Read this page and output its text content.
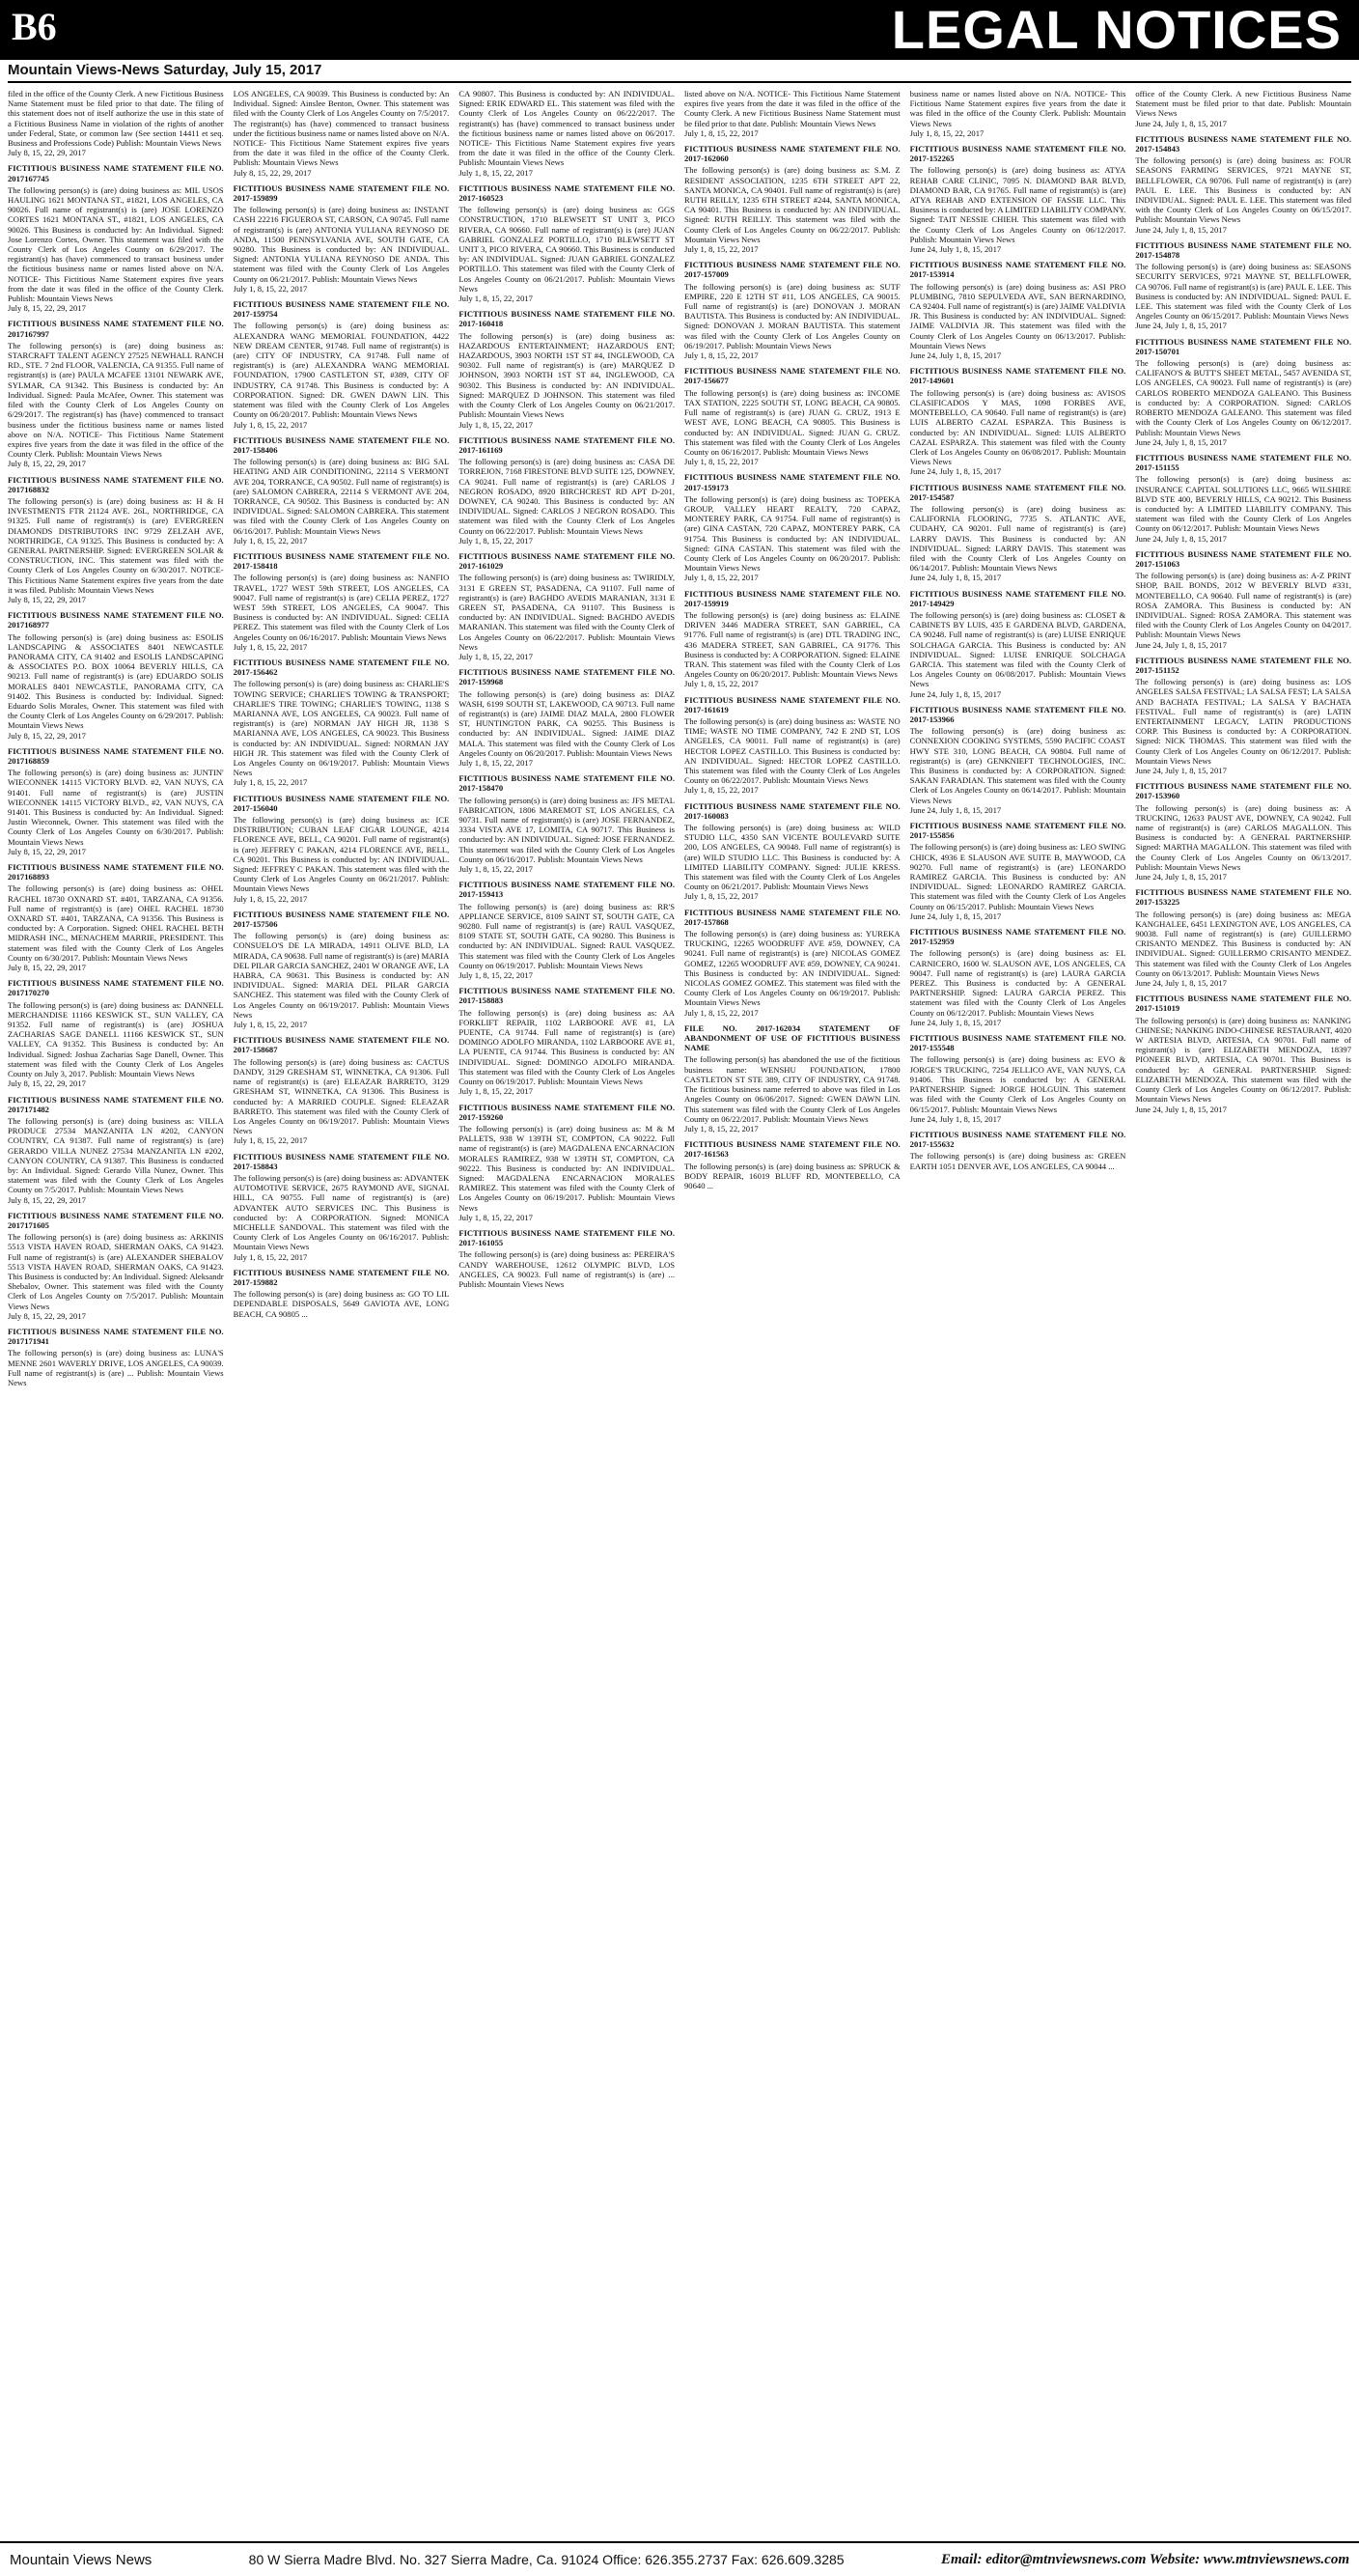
B6	LEGAL NOTICES
Mountain Views-News Saturday, July 15, 2017

filed in the office of the County Clerk. A new Fictitious Business Name Statement must be filed prior to that date. The filing of this statement does not of itself authorize the use in this state of a Fictitious Business Name in violation of the rights of another under Federal, State, or common law (See section 14411 et seq. Business and Professions Code) Publish: Mountain Views News

July 8, 15, 22, 29, 2017

FICTITIOUS BUSINESS NAME STATEMENT FILE NO. 2017167745

The following person(s) is (are) doing business as: MIL USOS HAULING 1621 MONTANA ST., #1821, LOS ANGELES, CA 90026. Full name of registrant(s) is (are) JOSE LORENZO CORTES 1621 MONTANA ST., #1821, LOS ANGELES, CA 90026. This Business is conducted by: An Individual. Signed: Jose Lorenzo Cortes, Owner. This statement was filed with the County Clerk of Los Angeles County on 6/29/2017. The registrant(s) has (have) commenced to transact business under the fictitious business name or names listed above on N/A. NOTICE- This Fictitious Name Statement expires five years from the date it was filed in the office of the County Clerk. Publish: Mountain Views News

July 8, 15, 22, 29, 2017

FICTITIOUS BUSINESS NAME STATEMENT FILE NO. 2017167997

The following person(s) is (are) doing business as: STARCRAFT TALENT AGENCY 27525 NEWHALL RANCH RD., STE. 7 2nd FLOOR, VALENCIA, CA 91355. Full name of registrant(s) is (are) PAULA MCAFEE 13101 NEWARK AVE, SYLMAR, CA 91342. This Business is conducted by: An Individual. Signed: Paula McAfee, Owner. This statement was filed with the County Clerk of Los Angeles County on 6/29/2017. The registrant(s) has (have) commenced to transact business under the fictitious business name or names listed above on N/A. NOTICE- This Fictitious Name Statement expires five years from the date it was filed in the office of the County Clerk. Publish: Mountain Views News

July 8, 15, 22, 29, 2017

FICTITIOUS BUSINESS NAME STATEMENT FILE NO. 2017168832

The following person(s) is (are) doing business as: H & H INVESTMENTS FTR 21124 AVE. 26L, NORTHRIDGE, CA 91325. Full name of registrant(s) is (are) EVERGREEN DIAMONDS DISTRIBUTORS INC 9729 ZELZAH AVE, NORTHRIDGE, CA 91325. This Business is conducted by: A GENERAL PARTNERSHIP. Signed: EVERGREEN SOLAR & CONSTRUCTION, INC. This statement was filed with the County Clerk of Los Angeles County on 6/30/2017. NOTICE- This Fictitious Name Statement expires five years from the date it was filed. Publish: Mountain Views News

July 8, 15, 22, 29, 2017

FICTITIOUS BUSINESS NAME STATEMENT FILE NO. 2017168977

The following person(s) is (are) doing business as: ESOLIS LANDSCAPING & ASSOCIATES 8401 NEWCASTLE PANORAMA CITY, CA 91402 and ESOLIS LANDSCAPING & ASSOCIATES P.O. BOX 10064 BEVERLY HILLS, CA 90213. Full name of registrant(s) is (are) EDUARDO SOLIS MORALES 8401 NEWCASTLE, PANORAMA CITY, CA 91402. This Business is conducted by: Individual. Signed: Eduardo Solis Morales, Owner. This statement was filed with the County Clerk of Los Angeles County on 6/29/2017. Publish: Mountain Views News

July 8, 15, 22, 29, 2017

FICTITIOUS BUSINESS NAME STATEMENT FILE NO. 2017168859

The following person(s) is (are) doing business as: JUNTIN' WIECONNEK 14115 VICTORY BLVD. #2, VAN NUYS, CA 91401. Full name of registrant(s) is (are) JUSTIN WIECONNEK 14115 VICTORY BLVD., #2, VAN NUYS, CA 91401. This Business is conducted by: An Individual. Signed: Justin Wieconnek, Owner. This statement was filed with the County Clerk of Los Angeles County on 6/30/2017. Publish: Mountain Views News

July 8, 15, 22, 29, 2017

FICTITIOUS BUSINESS NAME STATEMENT FILE NO. 2017168893

The following person(s) is (are) doing business as: OHEL RACHEL 18730 OXNARD ST. #401, TARZANA, CA 91356. Full name of registrant(s) is (are) OHEL RACHEL 18730 OXNARD ST. #401, TARZANA, CA 91356. This Business is conducted by: A Corporation. Signed: OHEL RACHEL BETH MIDRASH INC., MENACHEM MARRIE, PRESIDENT. This statement was filed with the County Clerk of Los Angeles County on 6/30/2017. Publish: Mountain Views News

July 8, 15, 22, 29, 2017

FICTITIOUS BUSINESS NAME STATEMENT FILE NO. 2017170270

The following person(s) is (are) doing business as: DANNELL MERCHANDISE 11166 KESWICK ST., SUN VALLEY, CA 91352. Full name of registrant(s) is (are) JOSHUA ZACHARIAS SAGE DANELL 11166 KESWICK ST., SUN VALLEY, CA 91352. This Business is conducted by: An Individual. Signed: Joshua Zacharias Sage Danell, Owner. This statement was filed with the County Clerk of Los Angeles County on July 3, 2017. Publish: Mountain Views News

July 8, 15, 22, 29, 2017

FICTITIOUS BUSINESS NAME STATEMENT FILE NO. 2017171482

The following person(s) is (are) doing business as: VILLA PRODUCE 27534 MANZANITA LN #202, CANYON COUNTRY, CA 91387. Full name of registrant(s) is (are) GERARDO VILLA NUNEZ 27534 MANZANITA LN #202, CANYON COUNTRY, CA 91387. This Business is conducted by: An Individual. Signed: Gerardo Villa Nunez, Owner. This statement was filed with the County Clerk of Los Angeles County on 7/5/2017. Publish: Mountain Views News

July 8, 15, 22, 29, 2017

FICTITIOUS BUSINESS NAME STATEMENT FILE NO. 2017171605

The following person(s) is (are) doing business as: ARKINIS 5513 VISTA HAVEN ROAD, SHERMAN OAKS, CA 91423. Full name of registrant(s) is (are) ALEXANDER SHEBALOV 5513 VISTA HAVEN ROAD, SHERMAN OAKS, CA 91423. This Business is conducted by: An Individual. Signed: Aleksandr Shebalov, Owner. This statement was filed with the County Clerk of Los Angeles County on 7/5/2017. Publish: Mountain Views News

July 8, 15, 22, 29, 2017

FICTITIOUS BUSINESS NAME STATEMENT FILE NO. 2017171941

The following person(s) is (are) doing business as: LUNA'S MENNE 2601 WAVERLY DRIVE, LOS ANGELES, CA 90039. Full name of registrant(s) is (are) ... Publish: Mountain Views News

LOS ANGELES, CA 90039. This Business is conducted by: An Individual. Signed: Ainslee Benton, Owner. This statement was filed with the County Clerk of Los Angeles County on 7/5/2017. The registrant(s) has (have) commenced to transact business under the fictitious business name or names listed above on N/A. NOTICE- This Fictitious Name Statement expires five years from the date it was filed in the office of the County Clerk. Publish: Mountain Views News

July 8, 15, 22, 29, 2017

FICTITIOUS BUSINESS NAME STATEMENT FILE NO. 2017-159899

The following person(s) is (are) doing business as: INSTANT CASH 22216 FIGUEROA ST, CARSON, CA 90745. Full name of registrant(s) is (are) ANTONIA YULIANA REYNOSO DE ANDA, 11500 PENNSYLVANIA AVE, SOUTH GATE, CA 90280. This Business is conducted by: AN INDIVIDUAL. Signed: ANTONIA YULIANA REYNOSO DE ANDA. This statement was filed with the County Clerk of Los Angeles County on 06/21/2017. Publish: Mountain Views News

July 1, 8, 15, 22, 2017

FICTITIOUS BUSINESS NAME STATEMENT FILE NO. 2017-159754

The following person(s) is (are) doing business as: ALEXANDRA WANG MEMORIAL FOUNDATION, 4422 NEW DREAM CENTER, 91748. Full name of registrant(s) is (are) CITY OF INDUSTRY, CA 91748. Full name of registrant(s) is (are) ALEXANDRA WANG MEMORIAL FOUNDATION, 17900 CASTLETON ST, #389, CITY OF INDUSTRY, CA 91748. This Business is conducted by: A CORPORATION. Signed: DR. GWEN DAWN LIN. This statement was filed with the County Clerk of Los Angeles County on 06/20/2017. Publish: Mountain Views News

July 1, 8, 15, 22, 2017

FICTITIOUS BUSINESS NAME STATEMENT FILE NO. 2017-158406

The following person(s) is (are) doing business as: BIG SAL HEATING AND AIR CONDITIONING, 22114 S VERMONT AVE 204, TORRANCE, CA 90502. Full name of registrant(s) is (are) SALOMON CABRERA, 22114 S VERMONT AVE 204, TORRANCE, CA 90502. This Business is conducted by: AN INDIVIDUAL. Signed: SALOMON CABRERA. This statement was filed with the County Clerk of Los Angeles County on 06/16/2017. Publish: Mountain Views News

July 1, 8, 15, 22, 2017

FICTITIOUS BUSINESS NAME STATEMENT FILE NO. 2017-158418

The following person(s) is (are) doing business as: NANFIO TRAVEL, 1727 WEST 59th STREET, LOS ANGELES, CA 90047. Full name of registrant(s) is (are) CELIA PEREZ, 1727 WEST 59th STREET, LOS ANGELES, CA 90047. This Business is conducted by: AN INDIVIDUAL. Signed: CELIA PEREZ. This statement was filed with the County Clerk of Los Angeles County on 06/16/2017. Publish: Mountain Views News

July 1, 8, 15, 22, 2017

FICTITIOUS BUSINESS NAME STATEMENT FILE NO. 2017-156462

The following person(s) is (are) doing business as: CHARLIE'S TOWING SERVICE; CHARLIE'S TOWING & TRANSPORT; CHARLIE'S TIRE TOWING; CHARLIE'S TOWING, 1138 S MARIANNA AVE, LOS ANGELES, CA 90023. Full name of registrant(s) is (are) NORMAN JAY HIGH JR, 1138 S MARIANNA AVE, LOS ANGELES, CA 90023. This Business is conducted by: AN INDIVIDUAL. Signed: NORMAN JAY HIGH JR. This statement was filed with the County Clerk of Los Angeles County on 06/19/2017. Publish: Mountain Views News

July 1, 8, 15, 22, 2017

FICTITIOUS BUSINESS NAME STATEMENT FILE NO. 2017-156040

The following person(s) is (are) doing business as: ICE DISTRIBUTION; CUBAN LEAF CIGAR LOUNGE, 4214 FLORENCE AVE, BELL, CA 90201. Full name of registrant(s) is (are) JEFFREY C PAKAN, 4214 FLORENCE AVE, BELL, CA 90201. This Business is conducted by: AN INDIVIDUAL. Signed: JEFFREY C PAKAN. This statement was filed with the County Clerk of Los Angeles County on 06/21/2017. Publish: Mountain Views News

July 1, 8, 15, 22, 2017

FICTITIOUS BUSINESS NAME STATEMENT FILE NO. 2017-157506

The following person(s) is (are) doing business as: CONSUELO'S DE LA MIRADA, 14911 OLIVE BLD, LA MIRADA, CA 90638. Full name of registrant(s) is (are) MARIA DEL PILAR GARCIA SANCHEZ, 2401 W ORANGE AVE, LA HABRA, CA 90631. This Business is conducted by: AN INDIVIDUAL. Signed: MARIA DEL PILAR GARCIA SANCHEZ. This statement was filed with the County Clerk of Los Angeles County on 06/19/2017. Publish: Mountain Views News

July 1, 8, 15, 22, 2017

FICTITIOUS BUSINESS NAME STATEMENT FILE NO. 2017-158687

The following person(s) is (are) doing business as: CACTUS DANDY, 3129 GRESHAM ST, WINNETKA, CA 91306. Full name of registrant(s) is (are) ELEAZAR BARRETO, 3129 GRESHAM ST, WINNETKA, CA 91306. This Business is conducted by: A MARRIED COUPLE. Signed: ELEAZAR BARRETO. This statement was filed with the County Clerk of Los Angeles County on 06/19/2017. Publish: Mountain Views News

July 1, 8, 15, 22, 2017

FICTITIOUS BUSINESS NAME STATEMENT FILE NO. 2017-158843

The following person(s) is (are) doing business as: ADVANTEK AUTOMOTIVE SERVICE, 2675 RAYMOND AVE, SIGNAL HILL, CA 90755. Full name of registrant(s) is (are) ADVANTEK AUTO SERVICES INC. This Business is conducted by: A CORPORATION. Signed: MONICA MICHELLE SANDOVAL. This statement was filed with the County Clerk of Los Angeles County on 06/16/2017. Publish: Mountain Views News

July 1, 8, 15, 22, 2017

FICTITIOUS BUSINESS NAME STATEMENT FILE NO. 2017-159882

The following person(s) is (are) doing business as: GO TO LIL DEPENDABLE DISPOSALS, 5649 GAVIOTA AVE, LONG BEACH, CA 90805 ...

CA 90807. This Business is conducted by: AN INDIVIDUAL. Signed: ERIK EDWARD EL. This statement was filed with the County Clerk of Los Angeles County on 06/22/2017. The registrant(s) has (have) commenced to transact business under the fictitious business name or names listed above on 06/2017. NOTICE- This Fictitious Name Statement expires five years from the date it was filed in the office of the County Clerk. Publish: Mountain Views News

July 1, 8, 15, 22, 2017

FICTITIOUS BUSINESS NAME STATEMENT FILE NO. 2017-160523

The following person(s) is (are) doing business as: GGS CONSTRUCTION, 1710 BLEWSETT ST UNIT 3, PICO RIVERA, CA 90660. Full name of registrant(s) is (are) JUAN GABRIEL GONZALEZ PORTILLO, 1710 BLEWSETT ST UNIT 3, PICO RIVERA, CA 90660. This Business is conducted by: AN INDIVIDUAL. Signed: JUAN GABRIEL GONZALEZ PORTILLO. This statement was filed with the County Clerk of Los Angeles County on 06/21/2017. Publish: Mountain Views News

July 1, 8, 15, 22, 2017

FICTITIOUS BUSINESS NAME STATEMENT FILE NO. 2017-160418

The following person(s) is (are) doing business as: HAZARDOUS ENTERTAINMENT; HAZARDOUS ENT; HAZARDOUS, 3903 NORTH 1ST ST #4, INGLEWOOD, CA 90302. Full name of registrant(s) is (are) MARQUEZ D JOHNSON, 3903 NORTH 1ST ST #4, INGLEWOOD, CA 90302. This Business is conducted by: AN INDIVIDUAL. Signed: MARQUEZ D JOHNSON. This statement was filed with the County Clerk of Los Angeles County on 06/21/2017. Publish: Mountain Views News

July 1, 8, 15, 22, 2017

FICTITIOUS BUSINESS NAME STATEMENT FILE NO. 2017-161169

The following person(s) is (are) doing business as: CASA DE TORREJON, 7168 FIRESTONE BLVD SUITE 125, DOWNEY, CA 90241. Full name of registrant(s) is (are) CARLOS J NEGRON ROSADO, 8920 BIRCHCREST RD APT D-201, DOWNEY, CA 90240. This Business is conducted by: AN INDIVIDUAL. Signed: CARLOS J NEGRON ROSADO. This statement was filed with the County Clerk of Los Angeles County on 06/22/2017. Publish: Mountain Views News

July 1, 8, 15, 22, 2017

FICTITIOUS BUSINESS NAME STATEMENT FILE NO. 2017-161029

The following person(s) is (are) doing business as: TWIRIDLY, 3131 E GREEN ST, PASADENA, CA 91107. Full name of registrant(s) is (are) BAGHDO AVEDIS MARANIAN, 3131 E GREEN ST, PASADENA, CA 91107. This Business is conducted by: AN INDIVIDUAL. Signed: BAGHDO AVEDIS MARANIAN. This statement was filed with the County Clerk of Los Angeles County on 06/22/2017. Publish: Mountain Views News

July 1, 8, 15, 22, 2017

FICTITIOUS BUSINESS NAME STATEMENT FILE NO. 2017-159968

The following person(s) is (are) doing business as: DIAZ WASH, 6199 SOUTH ST, LAKEWOOD, CA 90713. Full name of registrant(s) is (are) JAIME DIAZ MALA, 2800 FLOWER ST, HUNTINGTON PARK, CA 90255. This Business is conducted by: AN INDIVIDUAL. Signed: JAIME DIAZ MALA. This statement was filed with the County Clerk of Los Angeles County on 06/20/2017. Publish: Mountain Views News

July 1, 8, 15, 22, 2017

FICTITIOUS BUSINESS NAME STATEMENT FILE NO. 2017-158470

The following person(s) is (are) doing business as: JFS METAL FABRICATION, 1806 MAREMOT ST, LOS ANGELES, CA 90731. Full name of registrant(s) is (are) JOSE FERNANDEZ, 3334 VISTA AVE 17, LOMITA, CA 90717. This Business is conducted by: AN INDIVIDUAL. Signed: JOSE FERNANDEZ. This statement was filed with the County Clerk of Los Angeles County on 06/16/2017. Publish: Mountain Views News

July 1, 8, 15, 22, 2017

FICTITIOUS BUSINESS NAME STATEMENT FILE NO. 2017-159413

The following person(s) is (are) doing business as: RR'S APPLIANCE SERVICE, 8109 SAINT ST, SOUTH GATE, CA 90280. Full name of registrant(s) is (are) RAUL VASQUEZ, 8109 STATE ST, SOUTH GATE, CA 90280. This Business is conducted by: AN INDIVIDUAL. Signed: RAUL VASQUEZ. This statement was filed with the County Clerk of Los Angeles County on 06/19/2017. Publish: Mountain Views News

July 1, 8, 15, 22, 2017

FICTITIOUS BUSINESS NAME STATEMENT FILE NO. 2017-158883

The following person(s) is (are) doing business as: AA FORKLIFT REPAIR, 1102 LARBOORE AVE #1, LA PUENTE, CA 91744. Full name of registrant(s) is (are) DOMINGO ADOLFO MIRANDA, 1102 LARBOORE AVE #1, LA PUENTE, CA 91744. This Business is conducted by: AN INDIVIDUAL. Signed: DOMINGO ADOLFO MIRANDA. This statement was filed with the County Clerk of Los Angeles County on 06/19/2017. Publish: Mountain Views News

July 1, 8, 15, 22, 2017

FICTITIOUS BUSINESS NAME STATEMENT FILE NO. 2017-159260

The following person(s) is (are) doing business as: M & M PALLETS, 938 W 139TH ST, COMPTON, CA 90222. Full name of registrant(s) is (are) MAGDALENA ENCARNACION MORALES RAMIREZ, 938 W 139TH ST, COMPTON, CA 90222. This Business is conducted by: AN INDIVIDUAL. Signed: MAGDALENA ENCARNACION MORALES RAMIREZ. This statement was filed with the County Clerk of Los Angeles County on 06/19/2017. Publish: Mountain Views News

July 1, 8, 15, 22, 2017

FICTITIOUS BUSINESS NAME STATEMENT FILE NO. 2017-161055

The following person(s) is (are) doing business as: PEREIRA'S CANDY WAREHOUSE, 12612 OLYMPIC BLVD, LOS ANGELES, CA 90023. Full name of registrant(s) is (are) ... Publish: Mountain Views News

listed above on N/A. NOTICE- This Fictitious Name Statement expires five years from the date it was filed in the office of the County Clerk. A new Fictitious Business Name Statement must be filed prior to that date. Publish: Mountain Views News

July 1, 8, 15, 22, 2017

FICTITIOUS BUSINESS NAME STATEMENT FILE NO. 2017-162060

The following person(s) is (are) doing business as: S.M. Z RESIDENT ASSOCIATION, 1235 6TH STREET APT 22, SANTA MONICA, CA 90401. Full name of registrant(s) is (are) RUTH REILLY, 1235 6TH STREET #244, SANTA MONICA, CA 90401. This Business is conducted by: AN INDIVIDUAL. Signed: RUTH REILLY. This statement was filed with the County Clerk of Los Angeles County on 06/22/2017. Publish: Mountain Views News

July 1, 8, 15, 22, 2017

FICTITIOUS BUSINESS NAME STATEMENT FILE NO. 2017-157009

The following person(s) is (are) doing business as: SUTF EMPIRE, 220 E 12TH ST #11, LOS ANGELES, CA 90015. Full name of registrant(s) is (are) DONOVAN J. MORAN BAUTISTA. This Business is conducted by: AN INDIVIDUAL. Signed: DONOVAN J. MORAN BAUTISTA. This statement was filed with the County Clerk of Los Angeles County on 06/19/2017. Publish: Mountain Views News

July 1, 8, 15, 22, 2017

FICTITIOUS BUSINESS NAME STATEMENT FILE NO. 2017-156677

The following person(s) is (are) doing business as: INCOME TAX STATION, 2225 SOUTH ST, LONG BEACH, CA 90805. Full name of registrant(s) is (are) JUAN G. CRUZ, 1913 E WEST AVE, LONG BEACH, CA 90805. This Business is conducted by: AN INDIVIDUAL. Signed: JUAN G. CRUZ. This statement was filed with the County Clerk of Los Angeles County on 06/16/2017. Publish: Mountain Views News

July 1, 8, 15, 22, 2017

FICTITIOUS BUSINESS NAME STATEMENT FILE NO. 2017-159173

The following person(s) is (are) doing business as: TOPEKA GROUP, VALLEY HEART REALTY, 720 CAPAZ, MONTEREY PARK, CA 91754. Full name of registrant(s) is (are) GINA CASTAN, 720 CAPAZ, MONTEREY PARK, CA 91754. This Business is conducted by: AN INDIVIDUAL. Signed: GINA CASTAN. This statement was filed with the County Clerk of Los Angeles County on 06/20/2017. Publish: Mountain Views News

July 1, 8, 15, 22, 2017

FICTITIOUS BUSINESS NAME STATEMENT FILE NO. 2017-159919

The following person(s) is (are) doing business as: ELAINE DRIVEN 3446 MADERA STREET, SAN GABRIEL, CA 91776. Full name of registrant(s) is (are) DTL TRADING INC, 436 MADERA STREET, SAN GABRIEL, CA 91776. This Business is conducted by: A CORPORATION. Signed: ELAINE TRAN. This statement was filed with the County Clerk of Los Angeles County on 06/20/2017. Publish: Mountain Views News

July 1, 8, 15, 22, 2017

FICTITIOUS BUSINESS NAME STATEMENT FILE NO. 2017-161619

The following person(s) is (are) doing business as: WASTE NO TIME; WASTE NO TIME COMPANY, 742 E 2ND ST, LOS ANGELES, CA 90011. Full name of registrant(s) is (are) HECTOR LOPEZ CASTILLO. This Business is conducted by: AN INDIVIDUAL. Signed: HECTOR LOPEZ CASTILLO. This statement was filed with the County Clerk of Los Angeles County on 06/22/2017. Publish: Mountain Views News

July 1, 8, 15, 22, 2017

FICTITIOUS BUSINESS NAME STATEMENT FILE NO. 2017-160083

The following person(s) is (are) doing business as: WILD STUDIO LLC, 4350 SAN VICENTE BOULEVARD SUITE 200, LOS ANGELES, CA 90048. Full name of registrant(s) is (are) WILD STUDIO LLC. This Business is conducted by: A LIMITED LIABILITY COMPANY. Signed: JULIE KRESS. This statement was filed with the County Clerk of Los Angeles County on 06/21/2017. Publish: Mountain Views News

July 1, 8, 15, 22, 2017

FICTITIOUS BUSINESS NAME STATEMENT FILE NO. 2017-157868

The following person(s) is (are) doing business as: YUREKA TRUCKING, 12265 WOODRUFF AVE #59, DOWNEY, CA 90241. Full name of registrant(s) is (are) NICOLAS GOMEZ GOMEZ, 12265 WOODRUFF AVE #59, DOWNEY, CA 90241. This Business is conducted by: AN INDIVIDUAL. Signed: NICOLAS GOMEZ GOMEZ. This statement was filed with the County Clerk of Los Angeles County on 06/19/2017. Publish: Mountain Views News

July 1, 8, 15, 22, 2017

FILE NO. 2017-162034 STATEMENT OF ABANDONMENT OF USE OF FICTITIOUS BUSINESS NAME

The following person(s) has abandoned the use of the fictitious business name: WENSHU FOUNDATION, 17800 CASTLETON ST STE 389, CITY OF INDUSTRY, CA 91748. The fictitious business name referred to above was filed in Los Angeles County on 06/06/2017. Signed: GWEN DAWN LIN. This statement was filed with the County Clerk of Los Angeles County on 06/22/2017. Publish: Mountain Views News

July 1, 8, 15, 22, 2017

FICTITIOUS BUSINESS NAME STATEMENT FILE NO. 2017-161563

The following person(s) is (are) doing business as: SPRUCK & BODY REPAIR, 16019 BLUFF RD, MONTEBELLO, CA 90640 ...

business name or names listed above on N/A. NOTICE- This Fictitious Name Statement expires five years from the date it was filed in the office of the County Clerk. Publish: Mountain Views News

July 1, 8, 15, 22, 2017

FICTITIOUS BUSINESS NAME STATEMENT FILE NO. 2017-152265

The following person(s) is (are) doing business as: ATYA REHAB CARE CLINIC, 7095 N. DIAMOND BAR BLVD, DIAMOND BAR, CA 91765. Full name of registrant(s) is (are) ATYA REHAB AND EXTENSION OF FASSIE LLC. This Business is conducted by: A LIMITED LIABILITY COMPANY. Signed: TAIT NESSIE CHIEH. This statement was filed with the County Clerk of Los Angeles County on 06/12/2017. Publish: Mountain Views News

June 24, July 1, 8, 15, 2017

FICTITIOUS BUSINESS NAME STATEMENT FILE NO. 2017-153914

The following person(s) is (are) doing business as: ASI PRO PLUMBING, 7810 SEPULVEDA AVE, SAN BERNARDINO, CA 92404. Full name of registrant(s) is (are) JAIME VALDIVIA JR. This Business is conducted by: AN INDIVIDUAL. Signed: JAIME VALDIVIA JR. This statement was filed with the County Clerk of Los Angeles County on 06/13/2017. Publish: Mountain Views News

June 24, July 1, 8, 15, 2017

FICTITIOUS BUSINESS NAME STATEMENT FILE NO. 2017-149601

The following person(s) is (are) doing business as: AVISOS CLASIFICADOS Y MAS, 1098 FORBES AVE, MONTEBELLO, CA 90640. Full name of registrant(s) is (are) LUIS ALBERTO CAZAL ESPARZA. This Business is conducted by: AN INDIVIDUAL. Signed: LUIS ALBERTO CAZAL ESPARZA. This statement was filed with the County Clerk of Los Angeles County on 06/08/2017. Publish: Mountain Views News

June 24, July 1, 8, 15, 2017

FICTITIOUS BUSINESS NAME STATEMENT FILE NO. 2017-154587

The following person(s) is (are) doing business as: CALIFORNIA FLOORING, 7735 S. ATLANTIC AVE, CUDAHY, CA 90201. Full name of registrant(s) is (are) LARRY DAVIS. This Business is conducted by: AN INDIVIDUAL. Signed: LARRY DAVIS. This statement was filed with the County Clerk of Los Angeles County on 06/14/2017. Publish: Mountain Views News

June 24, July 1, 8, 15, 2017

FICTITIOUS BUSINESS NAME STATEMENT FILE NO. 2017-149429

The following person(s) is (are) doing business as: CLOSET & CABINETS BY LUIS, 435 E GARDENA BLVD, GARDENA, CA 90248. Full name of registrant(s) is (are) LUISE ENRIQUE SOLCHAGA GARCIA. This Business is conducted by: AN INDIVIDUAL. Signed: LUISE ENRIQUE SOLCHAGA GARCIA. This statement was filed with the County Clerk of Los Angeles County on 06/08/2017. Publish: Mountain Views News

June 24, July 1, 8, 15, 2017

FICTITIOUS BUSINESS NAME STATEMENT FILE NO. 2017-153966

The following person(s) is (are) doing business as: CONNEXION COOKING SYSTEMS, 5590 PACIFIC COAST HWY STE 310, LONG BEACH, CA 90804. Full name of registrant(s) is (are) GENKNIEFT TECHNOLOGIES, INC. This Business is conducted by: A CORPORATION. Signed: SAKAN FARADIAN. This statement was filed with the County Clerk of Los Angeles County on 06/14/2017. Publish: Mountain Views News

June 24, July 1, 8, 15, 2017

FICTITIOUS BUSINESS NAME STATEMENT FILE NO. 2017-155856

The following person(s) is (are) doing business as: LEO SWING CHICK, 4936 E SLAUSON AVE SUITE B, MAYWOOD, CA 90270. Full name of registrant(s) is (are) LEONARDO RAMIREZ GARCIA. This Business is conducted by: AN INDIVIDUAL. Signed: LEONARDO RAMIREZ GARCIA. This statement was filed with the County Clerk of Los Angeles County on 06/15/2017. Publish: Mountain Views News

June 24, July 1, 8, 15, 2017

FICTITIOUS BUSINESS NAME STATEMENT FILE NO. 2017-152959

The following person(s) is (are) doing business as: EL CARNICERO, 1600 W. SLAUSON AVE, LOS ANGELES, CA 90047. Full name of registrant(s) is (are) LAURA GARCIA PEREZ. This Business is conducted by: A GENERAL PARTNERSHIP. Signed: LAURA GARCIA PEREZ. This statement was filed with the County Clerk of Los Angeles County on 06/12/2017. Publish: Mountain Views News

June 24, July 1, 8, 15, 2017

FICTITIOUS BUSINESS NAME STATEMENT FILE NO. 2017-155548

The following person(s) is (are) doing business as: EVO & JORGE'S TRUCKING, 7254 JELLICO AVE, VAN NUYS, CA 91406. This Business is conducted by: A GENERAL PARTNERSHIP. Signed: JORGE HOLGUIN. This statement was filed with the County Clerk of Los Angeles County on 06/15/2017. Publish: Mountain Views News

June 24, July 1, 8, 15, 2017

FICTITIOUS BUSINESS NAME STATEMENT FILE NO. 2017-155632

The following person(s) is (are) doing business as: GREEN EARTH 1051 DENVER AVE, LOS ANGELES, CA 90044 ...

office of the County Clerk. A new Fictitious Business Name Statement must be filed prior to that date. Publish: Mountain Views News

June 24, July 1, 8, 15, 2017

FICTITIOUS BUSINESS NAME STATEMENT FILE NO. 2017-154843

The following person(s) is (are) doing business as: FOUR SEASONS FARMING SERVICES, 9721 MAYNE ST, BELLFLOWER, CA 90706. Full name of registrant(s) is (are) PAUL E. LEE. This Business is conducted by: AN INDIVIDUAL. Signed: PAUL E. LEE. This statement was filed with the County Clerk of Los Angeles County on 06/15/2017. Publish: Mountain Views News

June 24, July 1, 8, 15, 2017

FICTITIOUS BUSINESS NAME STATEMENT FILE NO. 2017-154878

The following person(s) is (are) doing business as: SEASONS SECURITY SERVICES, 9721 MAYNE ST, BELLFLOWER, CA 90706. Full name of registrant(s) is (are) PAUL E. LEE. This Business is conducted by: AN INDIVIDUAL. Signed: PAUL E. LEE. This statement was filed with the County Clerk of Los Angeles County on 06/15/2017. Publish: Mountain Views News

June 24, July 1, 8, 15, 2017

FICTITIOUS BUSINESS NAME STATEMENT FILE NO. 2017-150701

The following person(s) is (are) doing business as: CALIFANO'S & BUTT'S SHEET METAL, 5457 AVENIDA ST, LOS ANGELES, CA 90023. Full name of registrant(s) is (are) CARLOS ROBERTO MENDOZA GALEANO. This Business is conducted by: A CORPORATION. Signed: CARLOS ROBERTO MENDOZA GALEANO. This statement was filed with the County Clerk of Los Angeles County on 06/12/2017. Publish: Mountain Views News

June 24, July 1, 8, 15, 2017

FICTITIOUS BUSINESS NAME STATEMENT FILE NO. 2017-151155

The following person(s) is (are) doing business as: INSURANCE CAPITAL SOLUTIONS LLC, 9665 WILSHIRE BLVD STE 400, BEVERLY HILLS, CA 90212. This Business is conducted by: A LIMITED LIABILITY COMPANY. This statement was filed with the County Clerk of Los Angeles County on 06/12/2017. Publish: Mountain Views News

June 24, July 1, 8, 15, 2017

FICTITIOUS BUSINESS NAME STATEMENT FILE NO. 2017-151063

The following person(s) is (are) doing business as: A-Z PRINT SHOP, BAIL BONDS, 2012 W BEVERLY BLVD #331, MONTEBELLO, CA 90640. Full name of registrant(s) is (are) ROSA ZAMORA. This Business is conducted by: AN INDIVIDUAL. Signed: ROSA ZAMORA. This statement was filed with the County Clerk of Los Angeles County on 04/2017. Publish: Mountain Views News

June 24, July 1, 8, 15, 2017

FICTITIOUS BUSINESS NAME STATEMENT FILE NO. 2017-151152

The following person(s) is (are) doing business as: LOS ANGELES SALSA FESTIVAL; LA SALSA FEST; LA SALSA AND BACHATA FESTIVAL; LA SALSA Y BACHATA FESTIVAL. Full name of registrant(s) is (are) LATIN ENTERTAINMENT LEGACY, LATIN PRODUCTIONS CORP. This Business is conducted by: A CORPORATION. Signed: NICK THOMAS. This statement was filed with the County Clerk of Los Angeles County on 06/12/2017. Publish: Mountain Views News

June 24, July 1, 8, 15, 2017

FICTITIOUS BUSINESS NAME STATEMENT FILE NO. 2017-153960

The following person(s) is (are) doing business as: A TRUCKING, 12633 PAUST AVE, DOWNEY, CA 90242. Full name of registrant(s) is (are) CARLOS MAGALLON. This Business is conducted by: A GENERAL PARTNERSHIP. Signed: MARTHA MAGALLON. This statement was filed with the County Clerk of Los Angeles County on 06/13/2017. Publish: Mountain Views News

June 24, July 1, 8, 15, 2017

FICTITIOUS BUSINESS NAME STATEMENT FILE NO. 2017-153225

The following person(s) is (are) doing business as: MEGA KANGHALEE, 6451 LEXINGTON AVE, LOS ANGELES, CA 90038. Full name of registrant(s) is (are) GUILLERMO CRISANTO MENDEZ. This Business is conducted by: AN INDIVIDUAL. Signed: GUILLERMO CRISANTO MENDEZ. This statement was filed with the County Clerk of Los Angeles County on 06/13/2017. Publish: Mountain Views News

June 24, July 1, 8, 15, 2017

FICTITIOUS BUSINESS NAME STATEMENT FILE NO. 2017-151019

The following person(s) is (are) doing business as: NANKING CHINESE; NANKING INDO-CHINESE RESTAURANT, 4020 W ARTESIA BLVD, ARTESIA, CA 90701. Full name of registrant(s) is (are) ELIZABETH MENDOZA, 18397 PIONEER BLVD, ARTESIA, CA 90701. This Business is conducted by: A GENERAL PARTNERSHIP. Signed: ELIZABETH MENDOZA. This statement was filed with the County Clerk of Los Angeles County on 06/12/2017. Publish: Mountain Views News

June 24, July 1, 8, 15, 2017

Mountain Views News	80 W Sierra Madre Blvd. No. 327 Sierra Madre, Ca. 91024 Office: 626.355.2737 Fax: 626.609.3285	Email: editor@mtnviewsnews.com Website: www.mtnviewsnews.com
